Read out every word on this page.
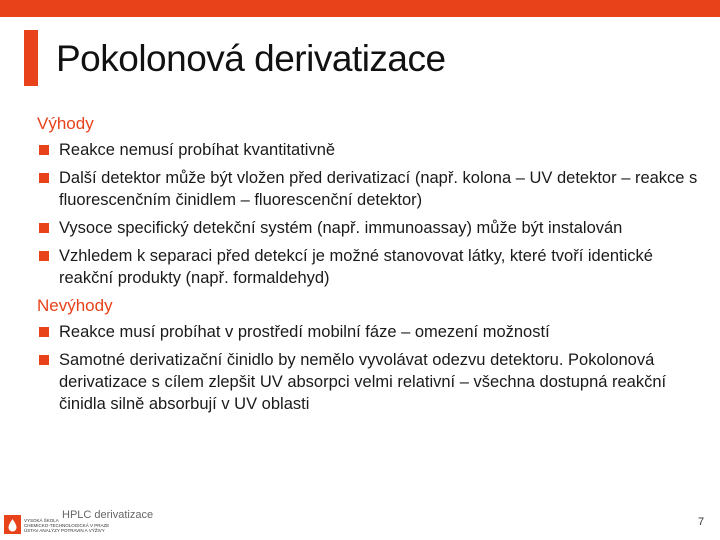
Pokolonová derivatizace
Výhody
Reakce nemusí probíhat kvantitativně
Další detektor může být vložen před derivatizací (např. kolona – UV detektor – reakce s fluorescenčním činidlem – fluorescenční detektor)
Vysoce specifický detekční systém (např. immunoassay) může být instalován
Vzhledem k separaci před detekcí je možné stanovovat látky, které tvoří identické reakční produkty (např. formaldehyd)
Nevýhody
Reakce musí probíhat v prostředí mobilní fáze – omezení možností
Samotné derivatizační činidlo by nemělo vyvolávat odezvu detektoru. Pokolonová derivatizace s cílem zlepšit UV absorpci velmi relativní – všechna dostupná reakční činidla silně absorbují v UV oblasti
VYSOKÁ ŠKOLA
CHEMICKO-TECHNOLOGICKÁ V PRAZE
ÚSTAV ANALÝZY POTRAVIN A VÝŽIVY
HPLC derivatizace
7
